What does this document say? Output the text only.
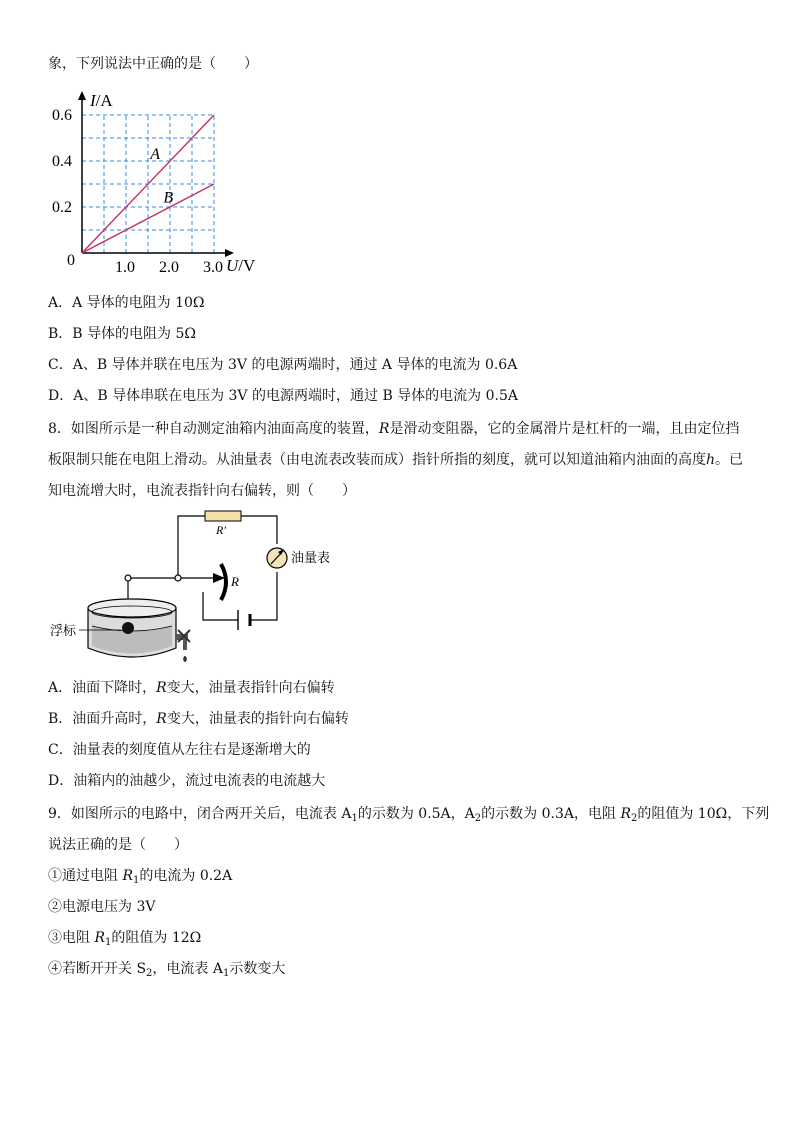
象，下列说法中正确的是（　　）
I/A
U/V
0	1.0 2.0 3.0
0.2
0.4
0.6
A
B
A．A 导体的电阻为 10Ω
B．B 导体的电阻为 5Ω
C．A、B 导体并联在电压为 3V 的电源两端时，通过 A 导体的电流为 0.6A
D．A、B 导体串联在电压为 3V 的电源两端时，通过 B 导体的电流为 0.5A
8．如图所示是一种自动测定油箱内油面高度的装置，R是滑动变阻器，它的金属滑片是杠杆的一端，且由定位挡
板限制只能在电阻上滑动。从油量表（由电流表改装而成）指针所指的刻度，就可以知道油箱内油面的高度h。已
知电流增大时，电流表指针向右偏转，则（　　）
R′
油量表
R
浮标
A．油面下降时，R变大，油量表指针向右偏转
B．油面升高时，R变大，油量表的指针向右偏转
C．油量表的刻度值从左往右是逐渐增大的
D．油箱内的油越少，流过电流表的电流越大
9．如图所示的电路中，闭合两开关后，电流表 $A_1$的示数为 0.5A，$A_2$的示数为 0.3A，电阻 $R_2$的阻值为 10Ω，下列
说法正确的是（　　）
①通过电阻 $R_1$的电流为 0.2A
②电源电压为 3V
③电阻 $R_1$的阻值为 12Ω
④若断开开关 $S_2$，电流表 $A_1$示数变大
